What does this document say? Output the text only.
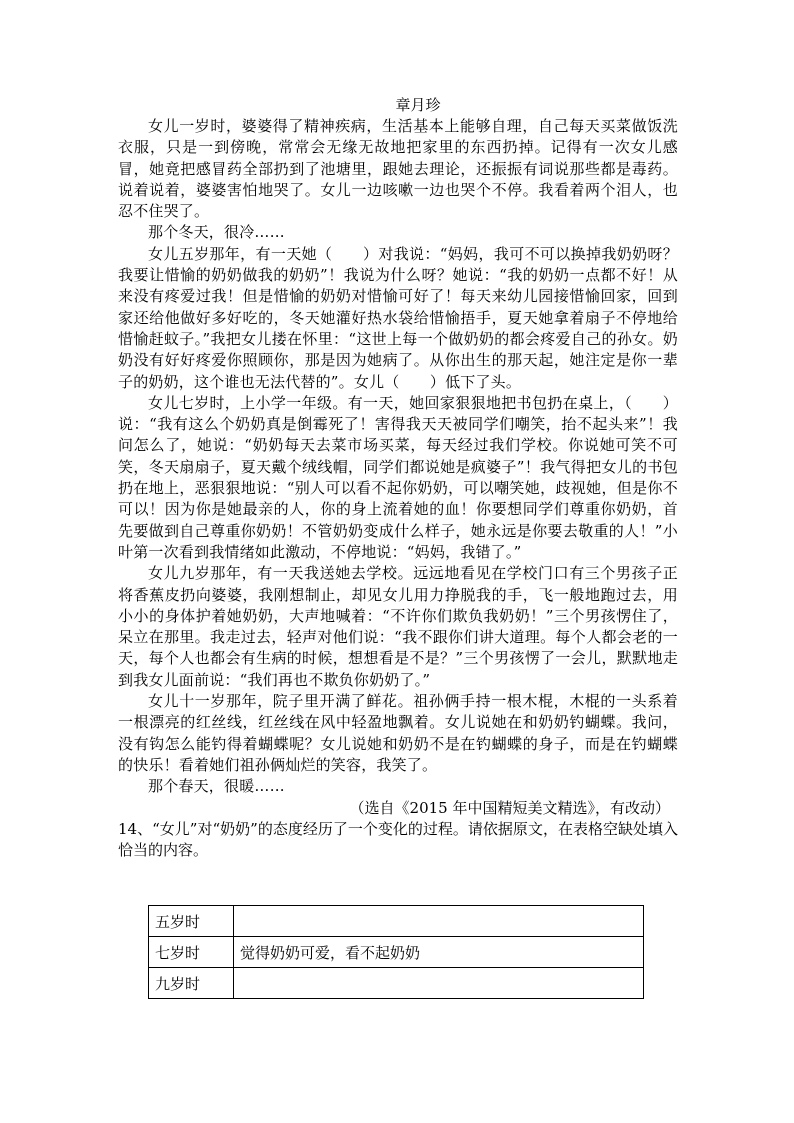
章月珍

女儿一岁时，婆婆得了精神疾病，生活基本上能够自理，自己每天买菜做饭洗衣服，只是一到傍晚，常常会无缘无故地把家里的东西扔掉。记得有一次女儿感冒，她竟把感冒药全部扔到了池塘里，跟她去理论，还振振有词说那些都是毒药。说着说着，婆婆害怕地哭了。女儿一边咳嗽一边也哭个不停。我看着两个泪人，也忍不住哭了。

那个冬天，很冷……

女儿五岁那年，有一天她（　　）对我说：“妈妈，我可不可以换掉我奶奶呀？我要让惜愉的奶奶做我的奶奶”！我说为什么呀？她说：“我的奶奶一点都不好！从来没有疼爱过我！但是惜愉的奶奶对惜愉可好了！每天来幼儿园接惜愉回家，回到家还给他做好多好吃的，冬天她灌好热水袋给惜愉捂手，夏天她拿着扇子不停地给惜愉赶蚊子。”我把女儿搂在怀里：“这世上每一个做奶奶的都会疼爱自己的孙女。奶奶没有好好疼爱你照顾你，那是因为她病了。从你出生的那天起，她注定是你一辈子的奶奶，这个谁也无法代替的”。女儿（　　）低下了头。

女儿七岁时，上小学一年级。有一天，她回家狠狠地把书包扔在桌上，（　　）说：“我有这么个奶奶真是倒霉死了！害得我天天被同学们嘲笑，抬不起头来”！我问怎么了，她说：“奶奶每天去菜市场买菜，每天经过我们学校。你说她可笑不可笑，冬天扇扇子，夏天戴个绒线帽，同学们都说她是疯婆子”！我气得把女儿的书包扔在地上，恶狠狠地说：“别人可以看不起你奶奶，可以嘲笑她，歧视她，但是你不可以！因为你是她最亲的人，你的身上流着她的血！你要想同学们尊重你奶奶，首先要做到自己尊重你奶奶！不管奶奶变成什么样子，她永远是你要去敬重的人！”小叶第一次看到我情绪如此激动，不停地说：“妈妈，我错了。”

女儿九岁那年，有一天我送她去学校。远远地看见在学校门口有三个男孩子正将香蕉皮扔向婆婆，我刚想制止，却见女儿用力挣脱我的手，飞一般地跑过去，用小小的身体护着她奶奶，大声地喊着：“不许你们欺负我奶奶！”三个男孩愣住了，呆立在那里。我走过去，轻声对他们说：“我不跟你们讲大道理。每个人都会老的一天，每个人也都会有生病的时候，想想看是不是？”三个男孩愣了一会儿，默默地走到我女儿面前说：“我们再也不欺负你奶奶了。”

女儿十一岁那年，院子里开满了鲜花。祖孙俩手持一根木棍，木棍的一头系着一根漂亮的红丝线，红丝线在风中轻盈地飘着。女儿说她在和奶奶钓蝴蝶。我问，没有钩怎么能钓得着蝴蝶呢？女儿说她和奶奶不是在钓蝴蝶的身子，而是在钓蝴蝶的快乐！看着她们祖孙俩灿烂的笑容，我笑了。

那个春天，很暖……

（选自《2015 年中国精短美文精选》，有改动）

14、“女儿”对“奶奶”的态度经历了一个变化的过程。请依据原文，在表格空缺处填入恰当的内容。

五岁时	
七岁时	觉得奶奶可爱，看不起奶奶
九岁时	
